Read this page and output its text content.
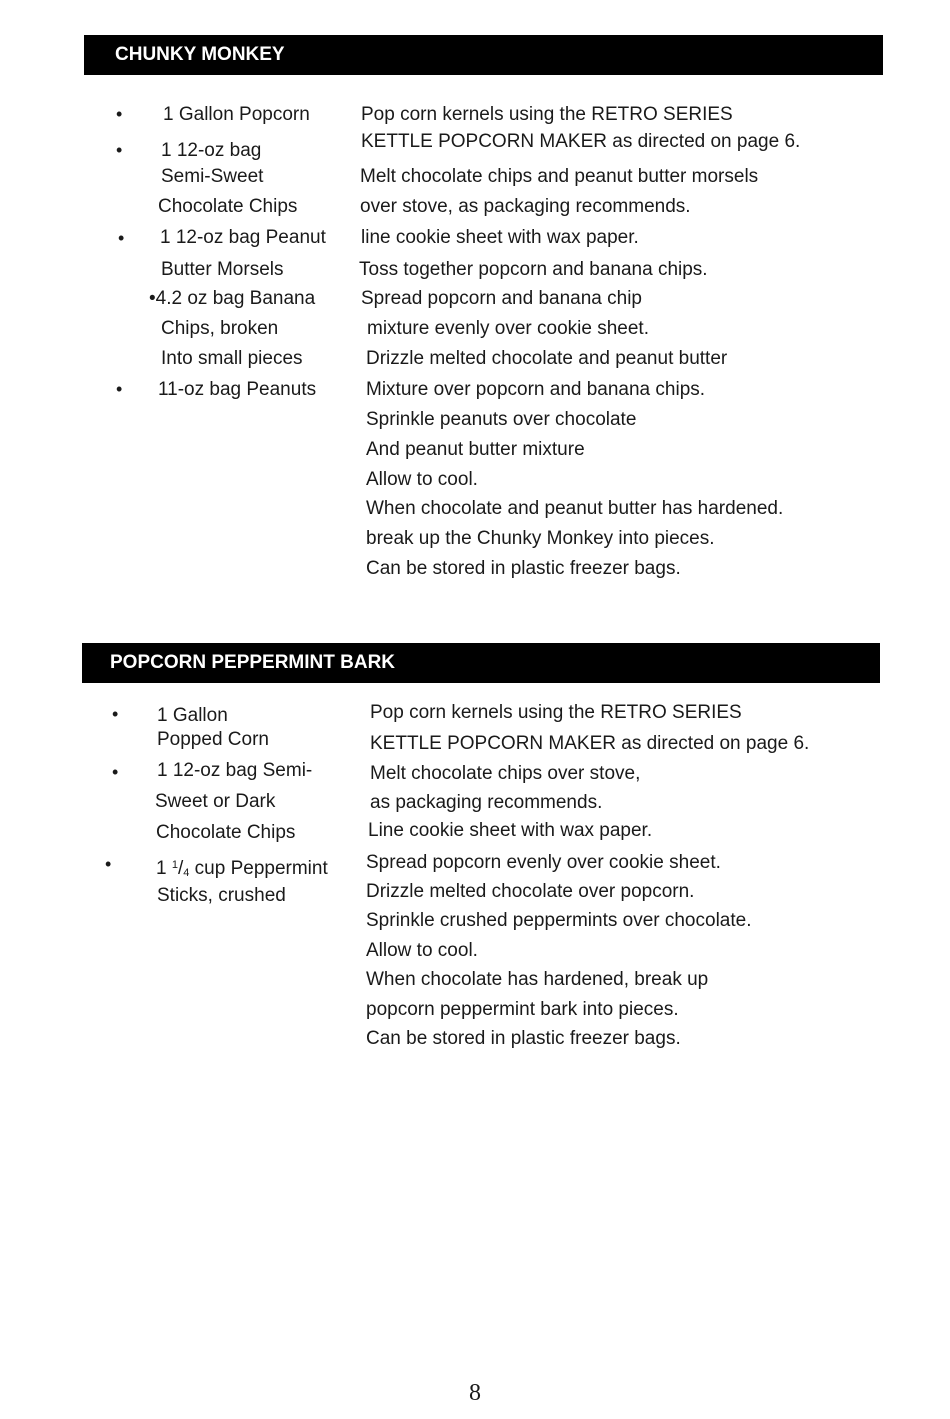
CHUNKY MONKEY
•
•
•
•
1 Gallon Popcorn
1 12-oz bag
Semi-Sweet
Chocolate Chips
1 12-oz bag Peanut
Butter Morsels
•4.2 oz bag Banana
Chips, broken
Into small pieces
11-oz bag Peanuts
Pop corn kernels using the RETRO SERIES
KETTLE POPCORN MAKER as directed on page 6.
Melt chocolate chips and peanut butter morsels
over stove, as packaging recommends.
line cookie sheet with wax paper.
Toss together popcorn and banana chips.
Spread popcorn and banana chip
mixture evenly over cookie sheet.
Drizzle melted chocolate and peanut butter
Mixture over popcorn and banana chips.
Sprinkle peanuts over chocolate
And peanut butter mixture
Allow to cool.
When chocolate and peanut butter has hardened.
break up the Chunky Monkey into pieces.
Can be stored in plastic freezer bags.
POPCORN PEPPERMINT BARK
•
•
•
1 Gallon
Popped Corn
1 12-oz bag Semi-
Sweet or Dark
Chocolate Chips
1 $^1/_4$ cup Peppermint
Sticks, crushed
Pop corn kernels using the RETRO SERIES
KETTLE POPCORN MAKER as directed on page 6.
Melt chocolate chips over stove,
as packaging recommends.
Line cookie sheet with wax paper.
Spread popcorn evenly over cookie sheet.
Drizzle melted chocolate over popcorn.
Sprinkle crushed peppermints over chocolate.
Allow to cool.
When chocolate has hardened, break up
popcorn peppermint bark into pieces.
Can be stored in plastic freezer bags.
8
